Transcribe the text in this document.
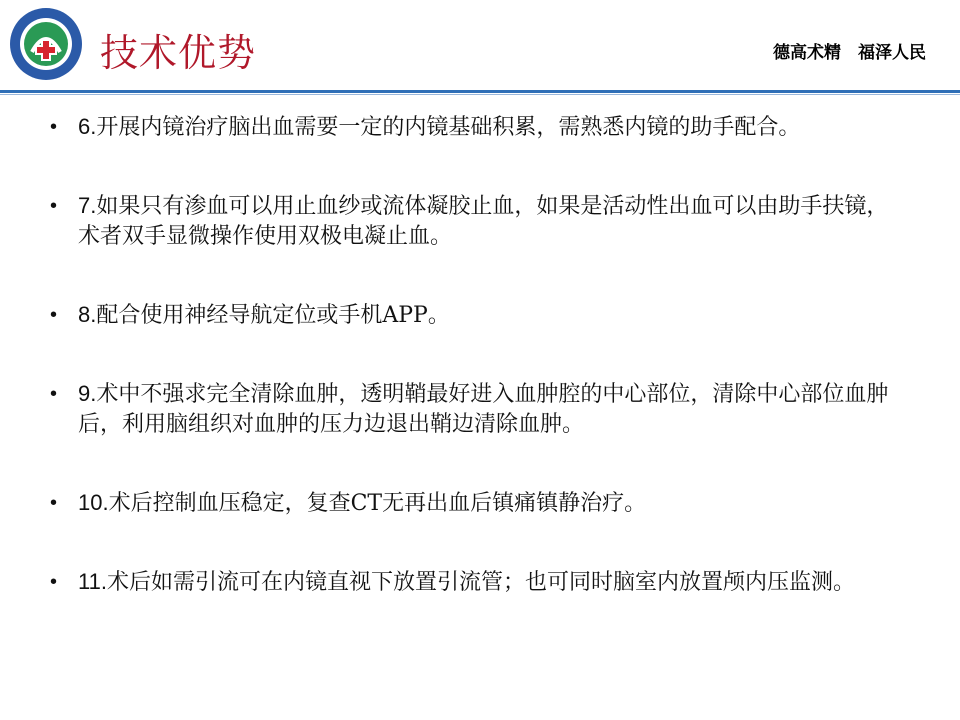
技术优势	德高术精　福泽人民
• 6.开展内镜治疗脑出血需要一定的内镜基础积累，需熟悉内镜的助手配合。
• 7.如果只有渗血可以用止血纱或流体凝胶止血，如果是活动性出血可以由助手扶镜，术者双手显微操作使用双极电凝止血。
• 8.配合使用神经导航定位或手机APP。
• 9.术中不强求完全清除血肿，透明鞘最好进入血肿腔的中心部位，清除中心部位血肿后，利用脑组织对血肿的压力边退出鞘边清除血肿。
• 10.术后控制血压稳定，复查CT无再出血后镇痛镇静治疗。
• 11.术后如需引流可在内镜直视下放置引流管；也可同时脑室内放置颅内压监测。
